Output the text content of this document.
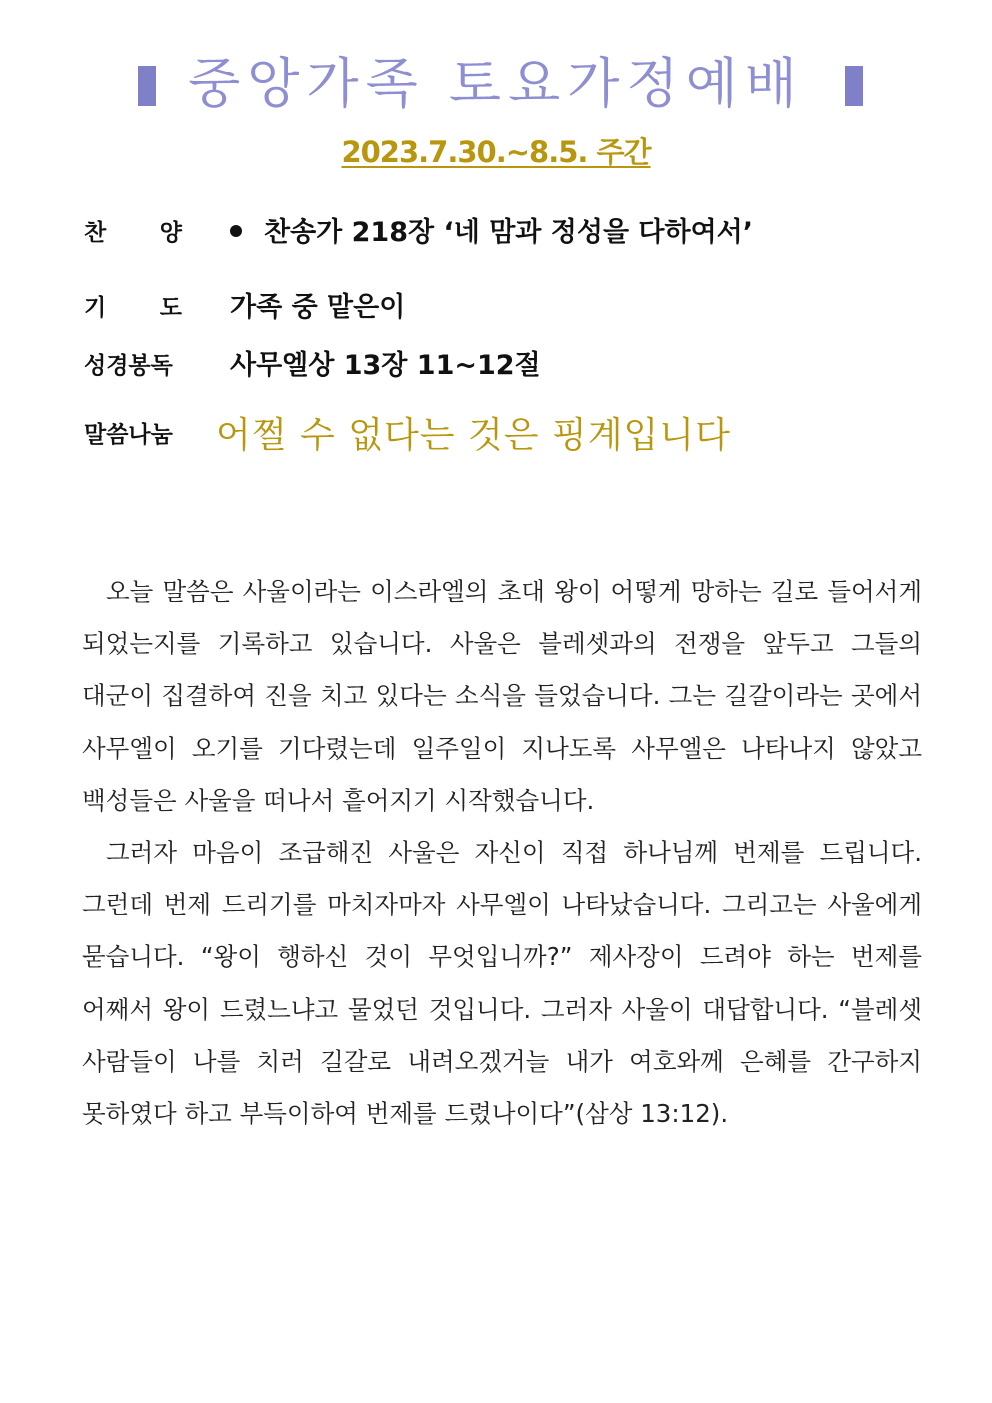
중앙가족 토요가정예배
2023.7.30.~8.5. 주간
찬 양	찬송가 218장 ‘네 맘과 정성을 다하여서’
기 도 가족 중 맡은이
성경봉독 사무엘상 13장 11~12절
말씀나눔 어쩔 수 없다는 것은 핑계입니다

오늘 말씀은 사울이라는 이스라엘의 초대 왕이 어떻게 망하는 길로 들어서게 되었는지를 기록하고 있습니다. 사울은 블레셋과의 전쟁을 앞두고 그들의 대군이 집결하여 진을 치고 있다는 소식을 들었습니다. 그는 길갈이라는 곳에서 사무엘이 오기를 기다렸는데 일주일이 지나도록 사무엘은 나타나지 않았고 백성들은 사울을 떠나서 흩어지기 시작했습니다.

그러자 마음이 조급해진 사울은 자신이 직접 하나님께 번제를 드립니다. 그런데 번제 드리기를 마치자마자 사무엘이 나타났습니다. 그리고는 사울에게 묻습니다. “왕이 행하신 것이 무엇입니까?” 제사장이 드려야 하는 번제를 어째서 왕이 드렸느냐고 물었던 것입니다. 그러자 사울이 대답합니다. “블레셋 사람들이 나를 치러 길갈로 내려오겠거늘 내가 여호와께 은혜를 간구하지 못하였다 하고 부득이하여 번제를 드렸나이다”(삼상 13:12).
